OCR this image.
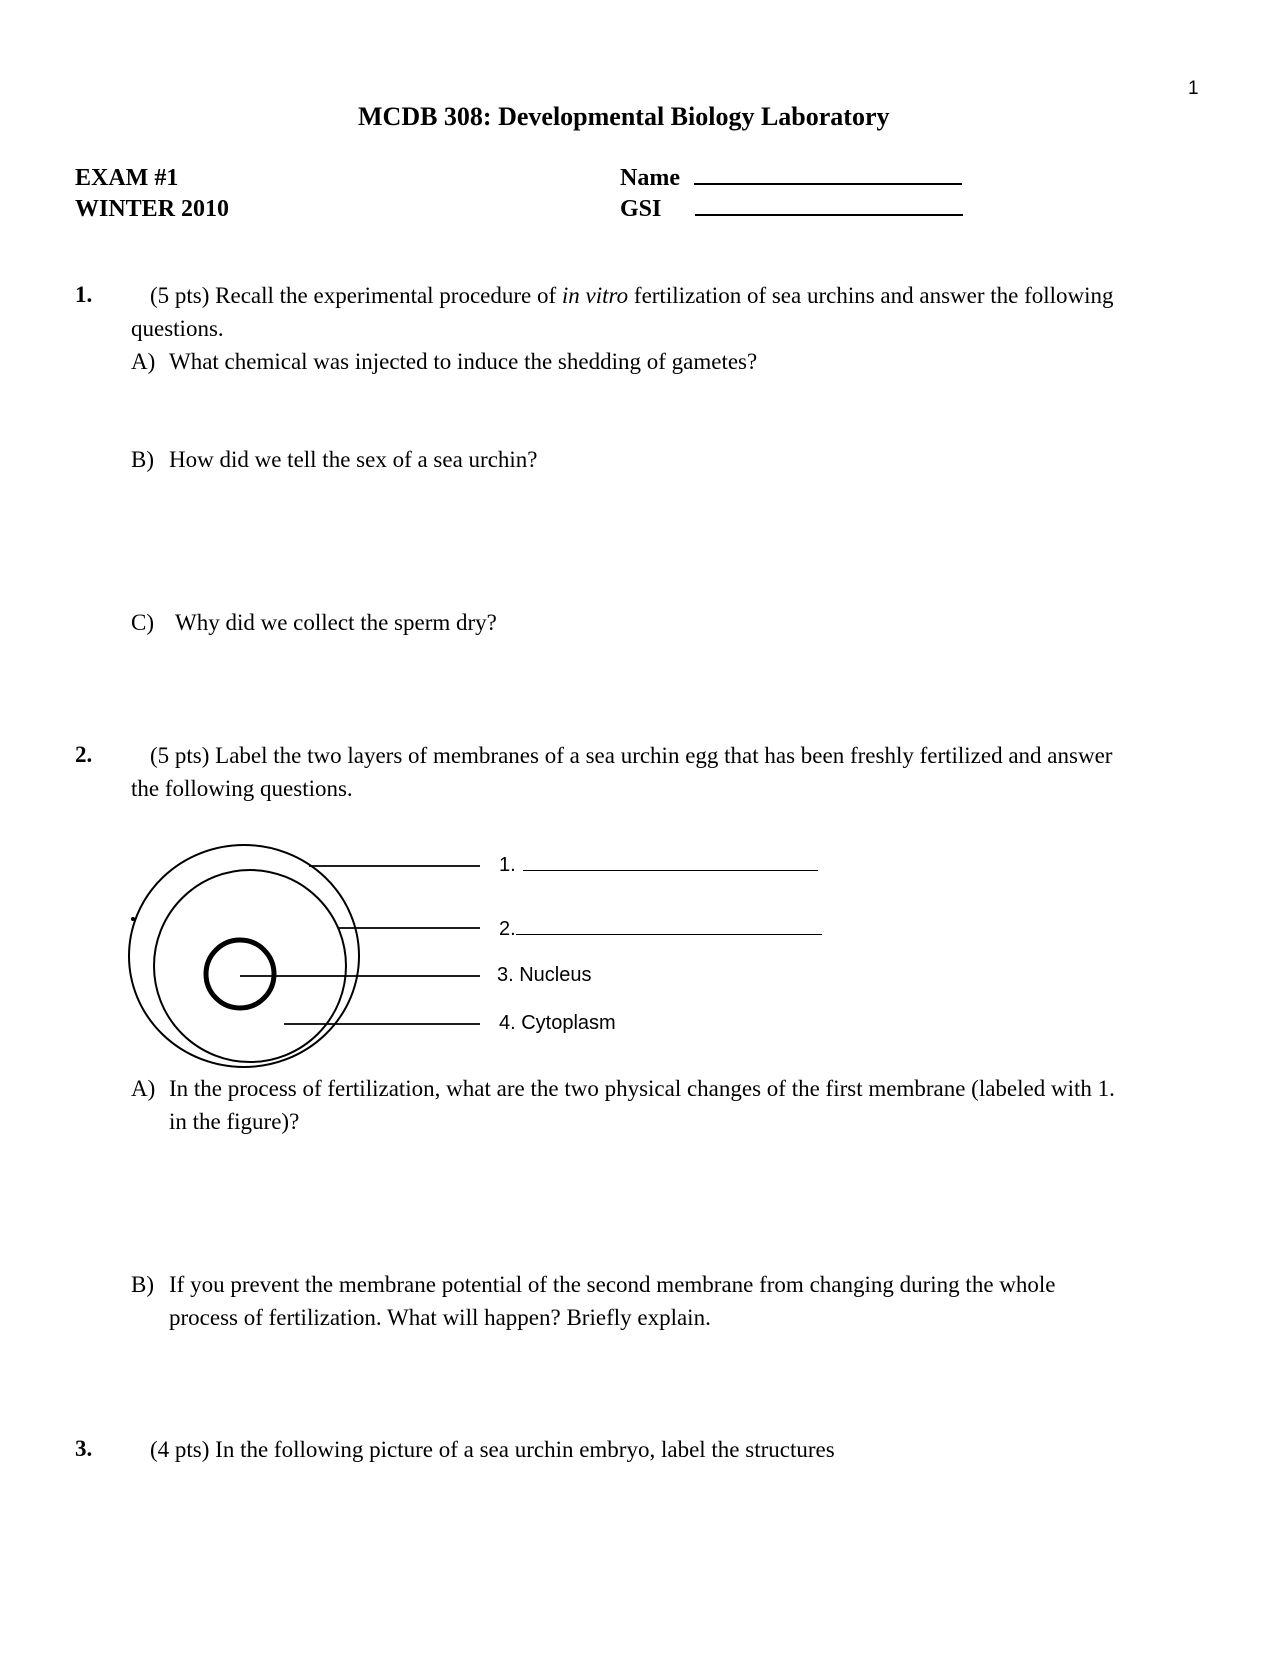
1
MCDB 308: Developmental Biology Laboratory
EXAM #1
WINTER 2010
Name
GSI
1.	(5 pts) Recall the experimental procedure of in vitro fertilization of sea urchins and answer the following
questions.
A) What chemical was injected to induce the shedding of gametes?
B) How did we tell the sex of a sea urchin?
C) Why did we collect the sperm dry?
2.	(5 pts) Label the two layers of membranes of a sea urchin egg that has been freshly fertilized and answer
the following questions.
1.
2.
3. Nucleus
4. Cytoplasm
A) In the process of fertilization, what are the two physical changes of the first membrane (labeled with 1.
in the figure)?
B) If you prevent the membrane potential of the second membrane from changing during the whole
process of fertilization. What will happen? Briefly explain.
3.	(4 pts) In the following picture of a sea urchin embryo, label the structures
